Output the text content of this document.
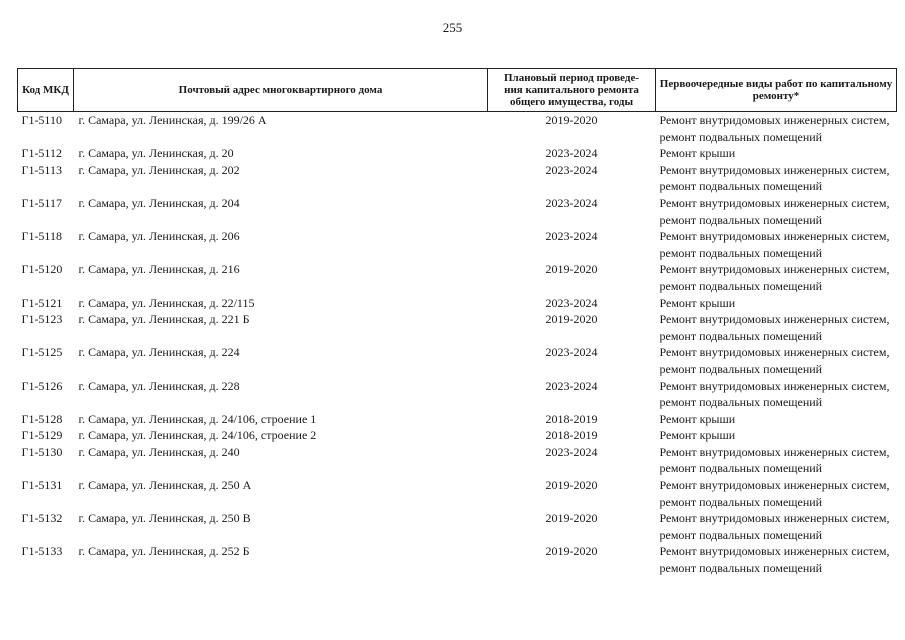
255
Код МКД	Почтовый адрес многоквартирного дома	Плановый период проведе-
ния капитального ремонта
общего имущества, годы	Первоочередные виды работ по капитальному
ремонту*
Г1-5110	г. Самара, ул. Ленинская, д. 199/26 А	2019-2020	Ремонт внутридомовых инженерных систем,
ремонт подвальных помещений

Г1-5112	г. Самара, ул. Ленинская, д. 20	2023-2024	Ремонт крыши

Г1-5113	г. Самара, ул. Ленинская, д. 202	2023-2024	Ремонт внутридомовых инженерных систем,
ремонт подвальных помещений

Г1-5117	г. Самара, ул. Ленинская, д. 204	2023-2024	Ремонт внутридомовых инженерных систем,
ремонт подвальных помещений

Г1-5118	г. Самара, ул. Ленинская, д. 206	2023-2024	Ремонт внутридомовых инженерных систем,
ремонт подвальных помещений

Г1-5120	г. Самара, ул. Ленинская, д. 216	2019-2020	Ремонт внутридомовых инженерных систем,
ремонт подвальных помещений

Г1-5121	г. Самара, ул. Ленинская, д. 22/115	2023-2024	Ремонт крыши

Г1-5123	г. Самара, ул. Ленинская, д. 221 Б	2019-2020	Ремонт внутридомовых инженерных систем,
ремонт подвальных помещений

Г1-5125	г. Самара, ул. Ленинская, д. 224	2023-2024	Ремонт внутридомовых инженерных систем,
ремонт подвальных помещений

Г1-5126	г. Самара, ул. Ленинская, д. 228	2023-2024	Ремонт внутридомовых инженерных систем,
ремонт подвальных помещений

Г1-5128	г. Самара, ул. Ленинская, д. 24/106, строение 1	2018-2019	Ремонт крыши

Г1-5129	г. Самара, ул. Ленинская, д. 24/106, строение 2	2018-2019	Ремонт крыши

Г1-5130	г. Самара, ул. Ленинская, д. 240	2023-2024	Ремонт внутридомовых инженерных систем,
ремонт подвальных помещений

Г1-5131	г. Самара, ул. Ленинская, д. 250 А	2019-2020	Ремонт внутридомовых инженерных систем,
ремонт подвальных помещений

Г1-5132	г. Самара, ул. Ленинская, д. 250 В	2019-2020	Ремонт внутридомовых инженерных систем,
ремонт подвальных помещений

Г1-5133	г. Самара, ул. Ленинская, д. 252 Б	2019-2020	Ремонт внутридомовых инженерных систем,
ремонт подвальных помещений
